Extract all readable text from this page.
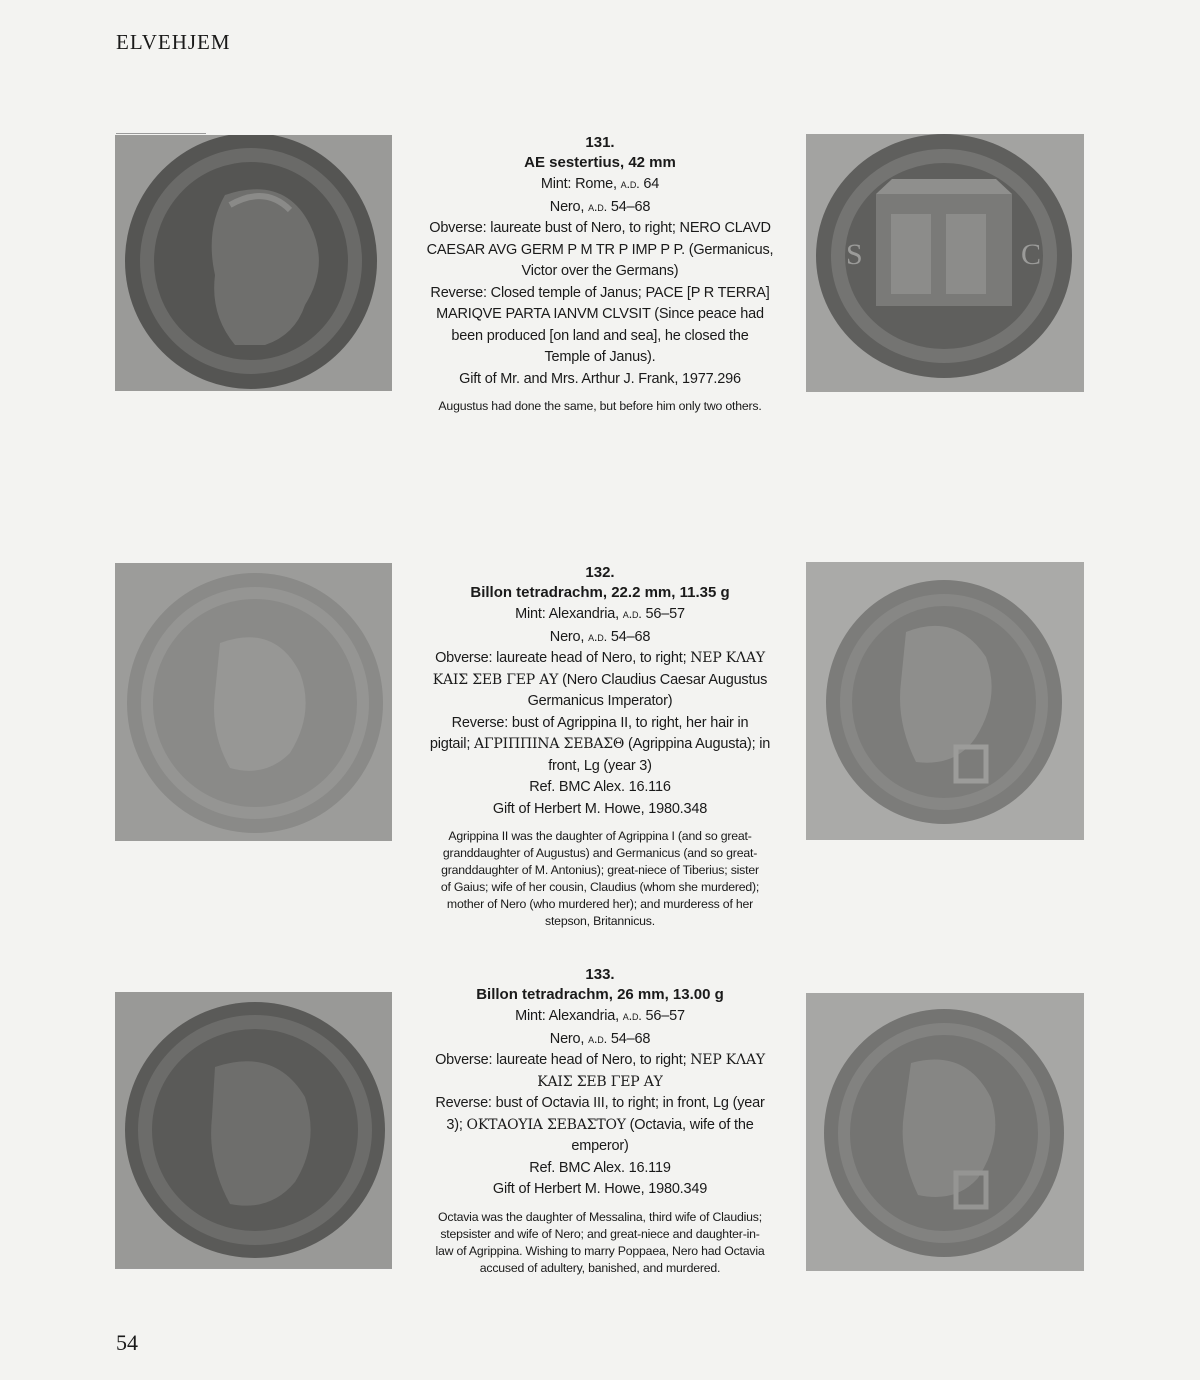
ELVEHJEM
S	C
131.
AE sestertius, 42 mm
Mint: Rome, a.d. 64
Nero, a.d. 54–68
Obverse: laureate bust of Nero, to right; NERO CLAVD
CAESAR AVG GERM P M TR P IMP P P. (Germanicus,
Victor over the Germans)
Reverse: Closed temple of Janus; PACE [P R TERRA]
MARIQVE PARTA IANVM CLVSIT (Since peace had
been produced [on land and sea], he closed the
Temple of Janus).
Gift of Mr. and Mrs. Arthur J. Frank, 1977.296
Augustus had done the same, but before him only two others.
132.
Billon tetradrachm, 22.2 mm, 11.35 g
Mint: Alexandria, a.d. 56–57
Nero, a.d. 54–68
Obverse: laureate head of Nero, to right; ΝΕΡ ΚΛΑΥ
ΚΑΙΣ ΣΕΒ ΓΕΡ ΑΥ (Nero Claudius Caesar Augustus
Germanicus Imperator)
Reverse: bust of Agrippina II, to right, her hair in
pigtail; ΑΓΡΙΠΠΙΝΑ ΣΕΒΑΣΘ (Agrippina Augusta); in
front, Lg (year 3)
Ref. BMC Alex. 16.116
Gift of Herbert M. Howe, 1980.348
Agrippina II was the daughter of Agrippina I (and so great-
granddaughter of Augustus) and Germanicus (and so great-
granddaughter of M. Antonius); great-niece of Tiberius; sister
of Gaius; wife of her cousin, Claudius (whom she murdered);
mother of Nero (who murdered her); and murderess of her
stepson, Britannicus.
133.
Billon tetradrachm, 26 mm, 13.00 g
Mint: Alexandria, a.d. 56–57
Nero, a.d. 54–68
Obverse: laureate head of Nero, to right; ΝΕΡ ΚΛΑΥ
ΚΑΙΣ ΣΕΒ ΓΕΡ ΑΥ
Reverse: bust of Octavia III, to right; in front, Lg (year
3); ΟΚΤΑΟΥΙΑ ΣΕΒΑΣΤΟΥ (Octavia, wife of the
emperor)
Ref. BMC Alex. 16.119
Gift of Herbert M. Howe, 1980.349
Octavia was the daughter of Messalina, third wife of Claudius;
stepsister and wife of Nero; and great-niece and daughter-in-
law of Agrippina. Wishing to marry Poppaea, Nero had Octavia
accused of adultery, banished, and murdered.
54
